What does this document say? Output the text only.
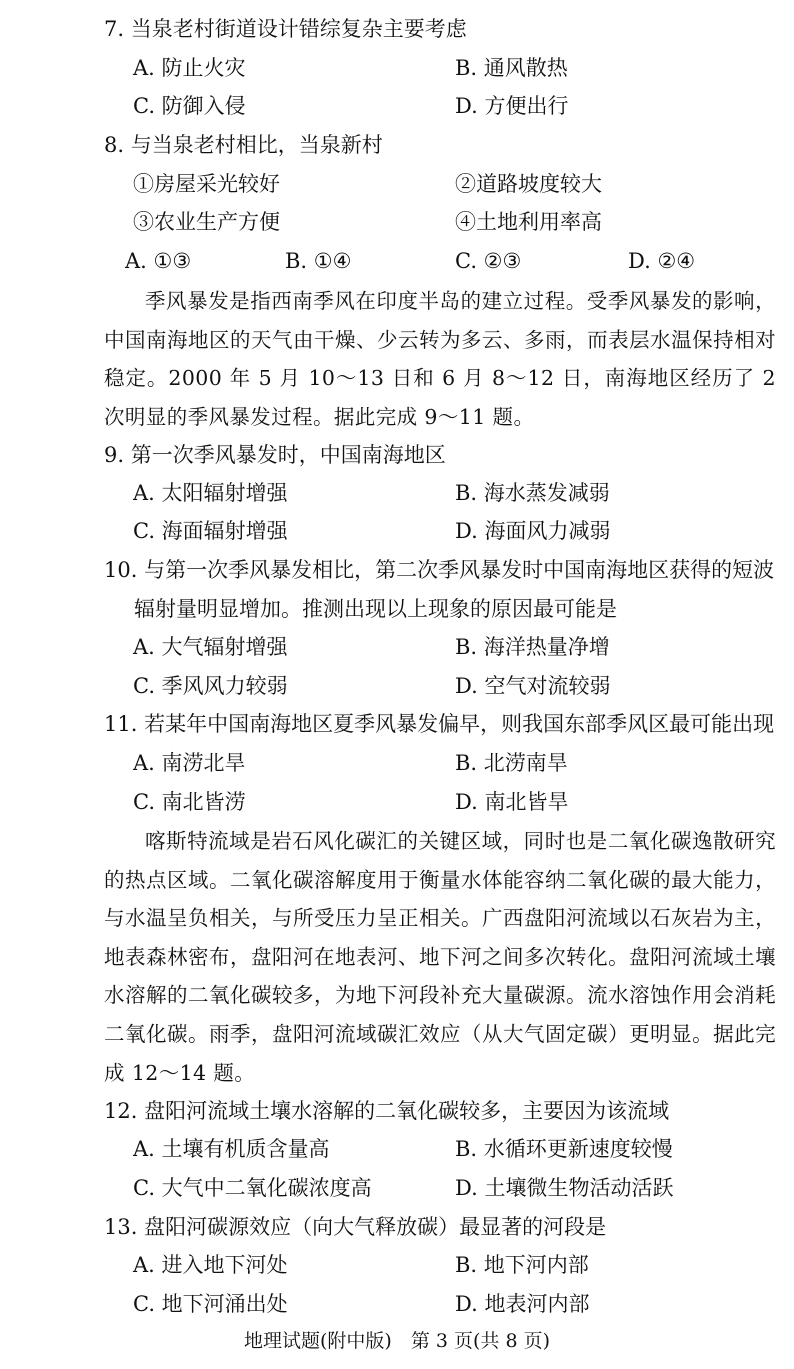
7. 当泉老村街道设计错综复杂主要考虑
A. 防止火灾	B. 通风散热
C. 防御入侵	D. 方便出行
8. 与当泉老村相比，当泉新村
①房屋采光较好	②道路坡度较大
③农业生产方便	④土地利用率高
A. ①③	B. ①④	C. ②③	D. ②④
季风暴发是指西南季风在印度半岛的建立过程。受季风暴发的影响，中国南海地区的天气由干燥、少云转为多云、多雨，而表层水温保持相对稳定。2000 年 5 月 10～13 日和 6 月 8～12 日，南海地区经历了 2 次明显的季风暴发过程。据此完成 9～11 题。
9. 第一次季风暴发时，中国南海地区
A. 太阳辐射增强	B. 海水蒸发减弱
C. 海面辐射增强	D. 海面风力减弱
10. 与第一次季风暴发相比，第二次季风暴发时中国南海地区获得的短波
辐射量明显增加。推测出现以上现象的原因最可能是
A. 大气辐射增强	B. 海洋热量净增
C. 季风风力较弱	D. 空气对流较弱
11. 若某年中国南海地区夏季风暴发偏早，则我国东部季风区最可能出现
A. 南涝北旱	B. 北涝南旱
C. 南北皆涝	D. 南北皆旱
喀斯特流域是岩石风化碳汇的关键区域，同时也是二氧化碳逸散研究的热点区域。二氧化碳溶解度用于衡量水体能容纳二氧化碳的最大能力，与水温呈负相关，与所受压力呈正相关。广西盘阳河流域以石灰岩为主，地表森林密布，盘阳河在地表河、地下河之间多次转化。盘阳河流域土壤水溶解的二氧化碳较多，为地下河段补充大量碳源。流水溶蚀作用会消耗二氧化碳。雨季，盘阳河流域碳汇效应（从大气固定碳）更明显。据此完成 12～14 题。
12. 盘阳河流域土壤水溶解的二氧化碳较多，主要因为该流域
A. 土壤有机质含量高	B. 水循环更新速度较慢
C. 大气中二氧化碳浓度高	D. 土壤微生物活动活跃
13. 盘阳河碳源效应（向大气释放碳）最显著的河段是
A. 进入地下河处	B. 地下河内部
C. 地下河涌出处	D. 地表河内部
地理试题(附中版)　第 3 页(共 8 页)
